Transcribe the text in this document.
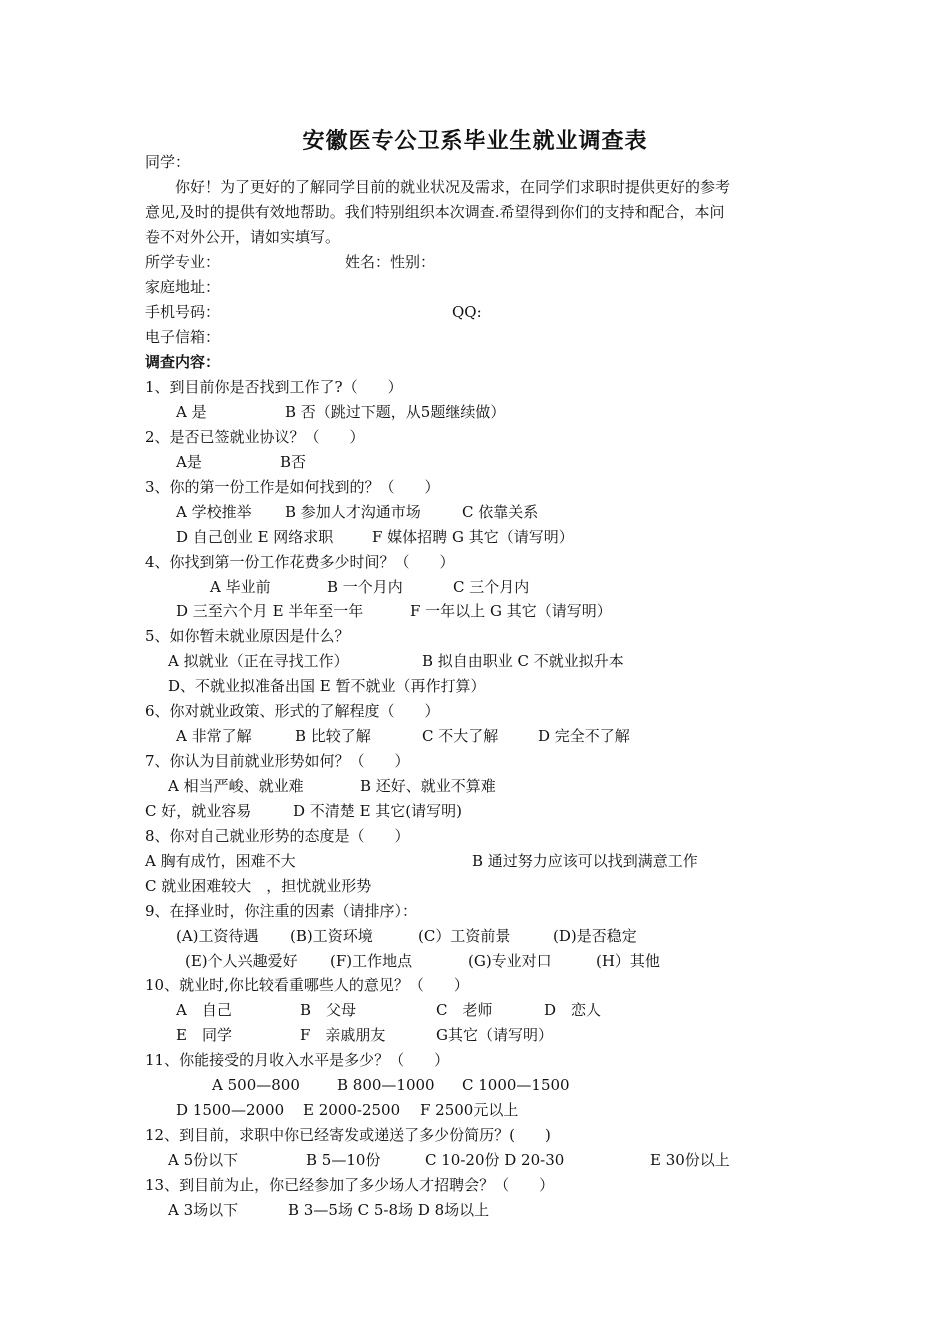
安徽医专公卫系毕业生就业调查表
同学：
你好！为了更好的了解同学目前的就业状况及需求，在同学们求职时提供更好的参考
意见,及时的提供有效地帮助。我们特别组织本次调查.希望得到你们的支持和配合，本问
卷不对外公开，请如实填写。
所学专业：	姓名：性别：
家庭地址：
手机号码：	QQ:
电子信箱：
调查内容：
1、到目前你是否找到工作了?（　　）
A 是	B 否（跳过下题，从5题继续做）
2、是否已签就业协议？（　　）
A是	B否
3、你的第一份工作是如何找到的？（　　）
A 学校推举 B 参加人才沟通市场	C 依靠关系
D 自己创业 E 网络求职	F 媒体招聘 G 其它（请写明）
4、你找到第一份工作花费多少时间？（　　）
A 毕业前	B 一个月内	C 三个月内
D 三至六个月 E 半年至一年	F 一年以上 G 其它（请写明）
5、如你暂未就业原因是什么？
A 拟就业（正在寻找工作）	B 拟自由职业 C 不就业拟升本
D、不就业拟准备出国 E 暂不就业（再作打算）
6、你对就业政策、形式的了解程度（　　）
A 非常了解	B 比较了解	C 不大了解	D 完全不了解
7、你认为目前就业形势如何？（　　）
A 相当严峻、就业难	B 还好、就业不算难
C 好，就业容易	D 不清楚 E 其它(请写明)
8、你对自己就业形势的态度是（　　）
A 胸有成竹，困难不大	B 通过努力应该可以找到满意工作
C 就业困难较大　，担忧就业形势
9、在择业时，你注重的因素（请排序）：
(A)工资待遇 (B)工资环境	(C）工资前景	(D)是否稳定
(E)个人兴趣爱好 (F)工作地点	(G)专业对口	(H）其他
10、就业时,你比较看重哪些人的意见？（　　）
A　自己	B　父母	C　老师	D　恋人
E　同学	F　亲戚朋友	G其它（请写明）
11、你能接受的月收入水平是多少？（　　）
A 500—800 B 800—1000 C 1000—1500
D 1500—2000 E 2000-2500 F 2500元以上
12、到目前，求职中你已经寄发或递送了多少份简历？(　　)
A 5份以下	B 5—10份	C 10-20份 D 20-30	E 30份以上
13、到目前为止，你已经参加了多少场人才招聘会？（　　）
A 3场以下	B 3—5场 C 5-8场 D 8场以上
